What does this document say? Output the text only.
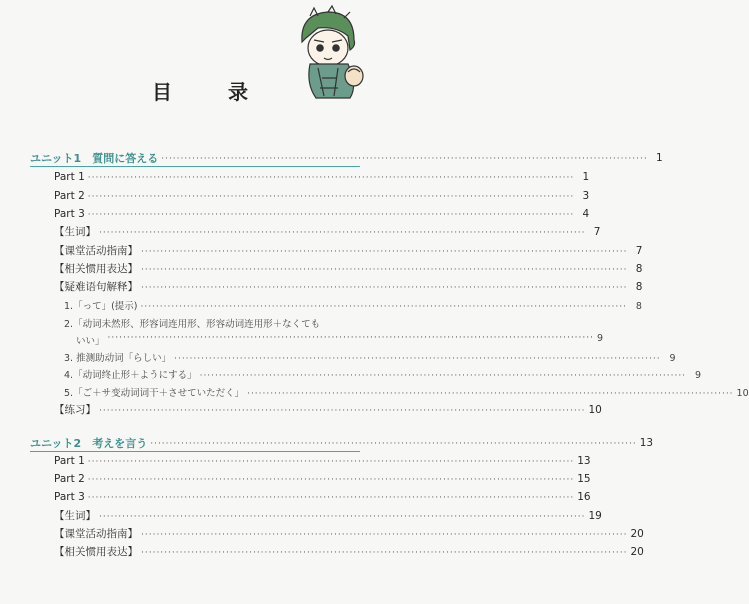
目　录
ユニット1　質問に答える ······························································································································ 1
Part 1 ······························································································································ 1
Part 2 ······························································································································ 3
Part 3 ······························································································································ 4
【生词】 ······························································································································ 7
【课堂活动指南】 ······························································································································ 7
【相关惯用表达】 ······························································································································ 8
【疑难语句解释】 ······························································································································ 8
1.「って」(提示) ······························································································································ 8
2.「动词未然形、形容词连用形、形容动词连用形＋なくても
いい」 ······························································································································ 9
3. 推测助动词「らしい」 ······························································································································ 9
4.「动词终止形＋ようにする」 ······························································································································ 9
5.「ご＋サ变动词词干＋させていただく」 ······························································································································ 10
【练习】 ······························································································································ 10
ユニット2　考えを言う ······························································································································ 13
Part 1 ······························································································································ 13
Part 2 ······························································································································ 15
Part 3 ······························································································································ 16
【生词】 ······························································································································ 19
【课堂活动指南】 ······························································································································ 20
【相关惯用表达】 ······························································································································ 20
